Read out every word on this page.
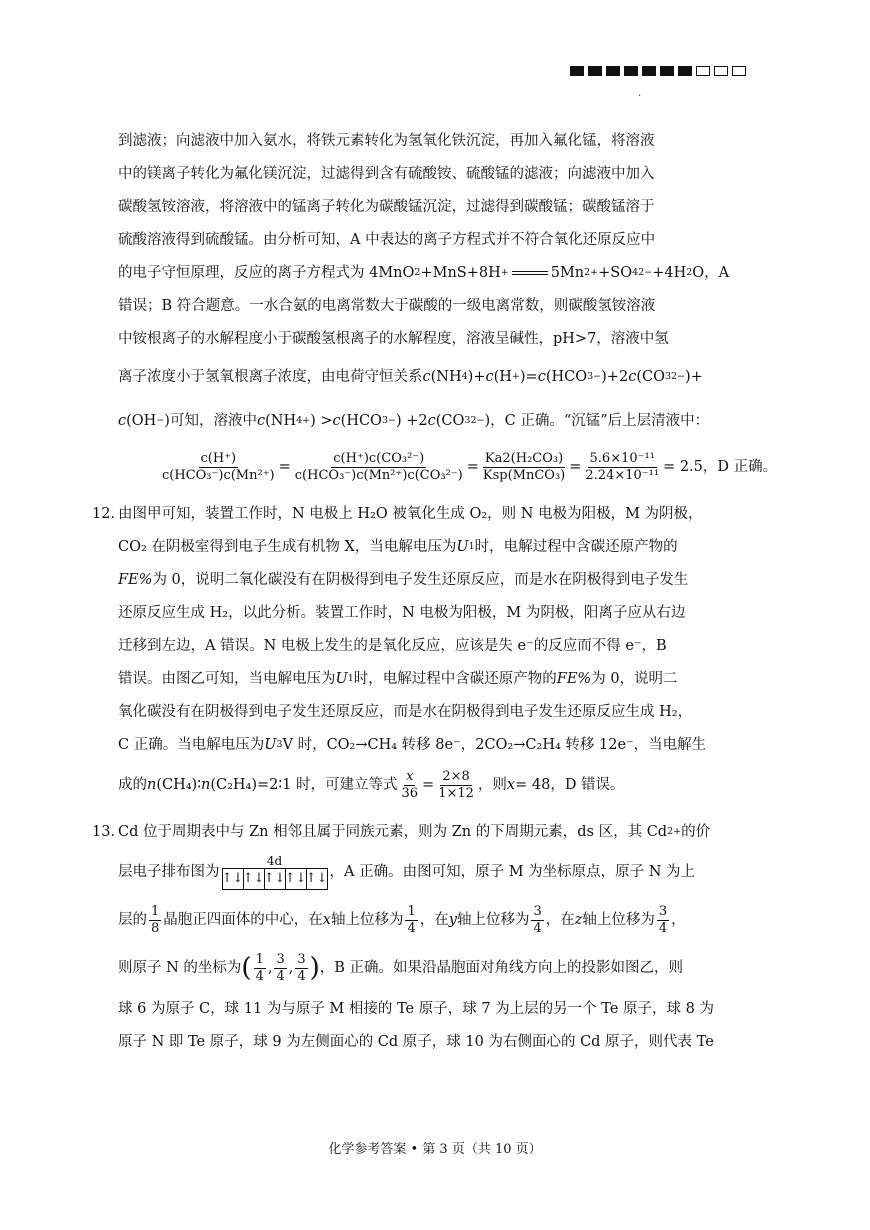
.
到滤液；向滤液中加入氨水，将铁元素转化为氢氧化铁沉淀，再加入氟化锰，将溶液
中的镁离子转化为氟化镁沉淀，过滤得到含有硫酸铵、硫酸锰的滤液；向滤液中加入
碳酸氢铵溶液，将溶液中的锰离子转化为碳酸锰沉淀，过滤得到碳酸锰；碳酸锰溶于
硫酸溶液得到硫酸锰。由分析可知，A 中表达的离子方程式并不符合氧化还原反应中
的电子守恒原理，反应的离子方程式为 4MnO 2 +MnS+8H +	5Mn 2+ +SO 4 2− +4H 2 O，A
错误；B 符合题意。一水合氨的电离常数大于碳酸的一级电离常数，则碳酸氢铵溶液
中铵根离子的水解程度小于碳酸氢根离子的水解程度，溶液呈碱性，pH>7，溶液中氢
离子浓度小于氢氧根离子浓度，由电荷守恒关系 c (NH 4 )+ c (H + )= c (HCO 3 − )+2 c (CO 3 2− )+
c (OH − )可知，溶液中 c (NH 4 + ) > c (HCO 3 − ) +2 c (CO 3 2− )，C 正确。“沉锰”后上层清液中：
$\frac{c(H^+)}{\text{c(HCO₃⁻)c(Mn²⁺)}} = \frac{\text{c(H⁺)c(CO₃²⁻)}}{\text{c(HCO₃⁻)c(Mn²⁺)c(CO₃²⁻)}} = \frac{\text{Ka2(H₂CO₃)}}{\text{Ksp(MnCO₃)}} = \frac{\text{5.6×10⁻¹¹}}{\text{2.24×10⁻¹¹}} = 2.5$，D 正确。
12．
由图甲可知，装置工作时，N 电极上 H₂O 被氧化生成 O₂，则 N 电极为阳极，M 为阴极，
CO₂ 在阴极室得到电子生成有机物 X，当电解电压为 U 1 时，电解过程中含碳还原产物的
FE% 为 0，说明二氧化碳没有在阴极得到电子发生还原反应，而是水在阴极得到电子发生
还原反应生成 H₂，以此分析。装置工作时，N 电极为阳极，M 为阴极，阳离子应从右边
迁移到左边，A 错误。N 电极上发生的是氧化反应，应该是失 e⁻的反应而不得 e⁻，B
错误。由图乙可知，当电解电压为 U 1 时，电解过程中含碳还原产物的 FE% 为 0，说明二
氧化碳没有在阴极得到电子发生还原反应，而是水在阴极得到电子发生还原反应生成 H₂，
C 正确。当电解电压为 U 3 V 时，CO₂→CH₄ 转移 8e⁻，2CO₂→C₂H₄ 转移 12e⁻，当电解生
成的 n (CH₄)∶ n (C₂H₄)=2∶1 时，可建立等式 $\frac{x}{36} = \frac{2\times 8}{1\times 12}$ ，则 x = 48，D 错误。
13．
Cd 位于周期表中与 Zn 相邻且属于同族元素，则为 Zn 的下周期元素，ds 区，其 Cd 2+ 的价
层电子排布图为
4d
↑↓ ↑↓ ↑↓ ↑↓ ↑↓ ，A 正确。由图可知，原子 M 为坐标原点，原子 N 为上
层的 $\frac{1}{8}$ 晶胞正四面体的中心，在 x 轴上位移为 $\frac{1}{4}$ ，在 y 轴上位移为 $\frac{3}{4}$ ，在 z 轴上位移为 $\frac{3}{4}$ ，
则原子 N 的坐标为 ( $\frac{1}{4}$ , $\frac{3}{4}$ , $\frac{3}{4}$ ) ，B 正确。如果沿晶胞面对角线方向上的投影如图乙，则
球 6 为原子 C，球 11 为与原子 M 相接的 Te 原子，球 7 为上层的另一个 Te 原子，球 8 为
原子 N 即 Te 原子，球 9 为左侧面心的 Cd 原子，球 10 为右侧面心的 Cd 原子，则代表 Te
化学参考答案 • 第 3 页（共 10 页）
